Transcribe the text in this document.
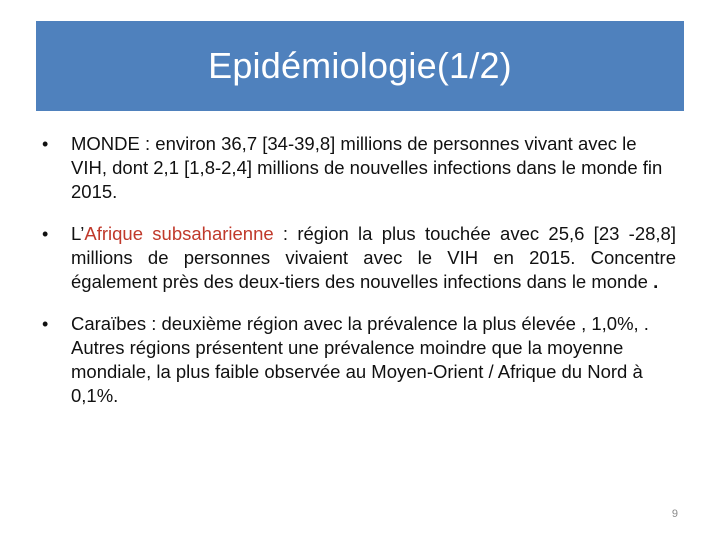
Epidémiologie(1/2)
• MONDE : environ 36,7 [34-39,8] millions de personnes vivant avec le VIH, dont 2,1 [1,8-2,4] millions de nouvelles infections dans le monde fin 2015.
• L’Afrique subsaharienne : région la plus touchée avec 25,6 [23 -28,8] millions de personnes vivaient avec le VIH en 2015. Concentre également près des deux-tiers des nouvelles infections dans le monde .
• Caraïbes : deuxième région avec la prévalence la plus élevée , 1,0%, . Autres régions présentent une prévalence moindre que la moyenne mondiale, la plus faible observée au Moyen-Orient / Afrique du Nord à 0,1%.
9
